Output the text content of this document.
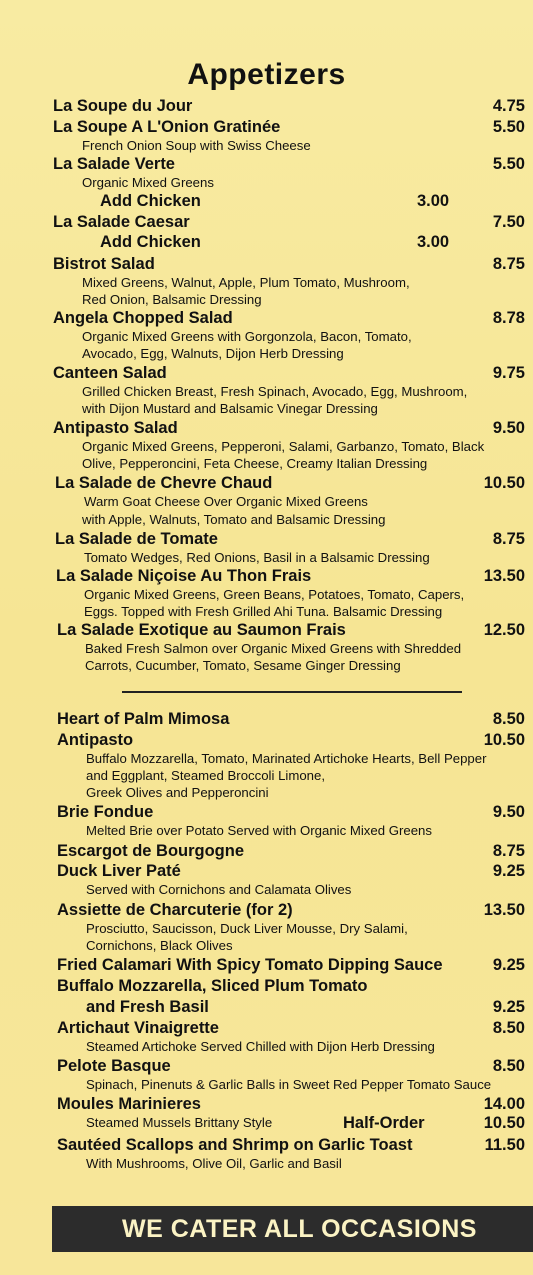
Appetizers
La Soupe du Jour	4.75
La Soupe A L'Onion Gratinée	5.50
French Onion Soup with Swiss Cheese
La Salade Verte	5.50
Organic Mixed Greens
Add Chicken	3.00
La Salade Caesar	7.50
Add Chicken	3.00
Bistrot Salad	8.75
Mixed Greens, Walnut, Apple, Plum Tomato, Mushroom,
Red Onion, Balsamic Dressing
Angela Chopped Salad	8.78
Organic Mixed Greens with Gorgonzola, Bacon, Tomato,
Avocado, Egg, Walnuts, Dijon Herb Dressing
Canteen Salad	9.75
Grilled Chicken Breast, Fresh Spinach, Avocado, Egg, Mushroom,
with Dijon Mustard and Balsamic Vinegar Dressing
Antipasto Salad	9.50
Organic Mixed Greens, Pepperoni, Salami, Garbanzo, Tomato, Black
Olive, Pepperoncini, Feta Cheese, Creamy Italian Dressing
La Salade de Chevre Chaud	10.50
Warm Goat Cheese Over Organic Mixed Greens
with Apple, Walnuts, Tomato and Balsamic Dressing
La Salade de Tomate	8.75
Tomato Wedges, Red Onions, Basil in a Balsamic Dressing
La Salade Niçoise Au Thon Frais	13.50
Organic Mixed Greens, Green Beans, Potatoes, Tomato, Capers,
Eggs. Topped with Fresh Grilled Ahi Tuna. Balsamic Dressing
La Salade Exotique au Saumon Frais	12.50
Baked Fresh Salmon over Organic Mixed Greens with Shredded
Carrots, Cucumber, Tomato, Sesame Ginger Dressing
Heart of Palm Mimosa	8.50
Antipasto	10.50
Buffalo Mozzarella, Tomato, Marinated Artichoke Hearts, Bell Pepper
and Eggplant, Steamed Broccoli Limone,
Greek Olives and Pepperoncini
Brie Fondue	9.50
Melted Brie over Potato Served with Organic Mixed Greens
Escargot de Bourgogne	8.75
Duck Liver Paté	9.25
Served with Cornichons and Calamata Olives
Assiette de Charcuterie (for 2)	13.50
Prosciutto, Saucisson, Duck Liver Mousse, Dry Salami,
Cornichons, Black Olives
Fried Calamari With Spicy Tomato Dipping Sauce	9.25
Buffalo Mozzarella, Sliced Plum Tomato
and Fresh Basil	9.25
Artichaut Vinaigrette	8.50
Steamed Artichoke Served Chilled with Dijon Herb Dressing
Pelote Basque	8.50
Spinach, Pinenuts & Garlic Balls in Sweet Red Pepper Tomato Sauce
Moules Marinieres	14.00
Steamed Mussels Brittany Style	Half-Order	10.50
Sautéed Scallops and Shrimp on Garlic Toast	11.50
With Mushrooms, Olive Oil, Garlic and Basil
WE CATER ALL OCCASIONS
